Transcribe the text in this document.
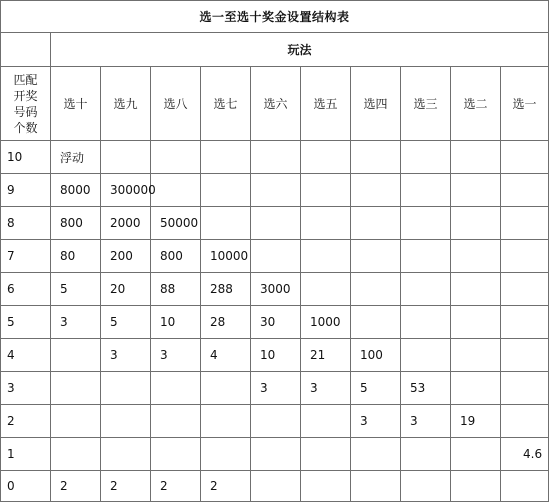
选一至选十奖金设置结构表										
	玩法									

匹配
开奖
号码
个数	选十	选九	选八	选七	选六	选五	选四	选三	选二	选一
10	浮动									
9	8000	300000								
8	800	2000	50000							
7	80	200	800	10000						
6	5	20	88	288	3000					
5	3	5	10	28	30	1000				
4		3	3	4	10	21	100			
3					3	3	5	53		
2							3	3	19	
1										4.6
0	2	2	2	2						
